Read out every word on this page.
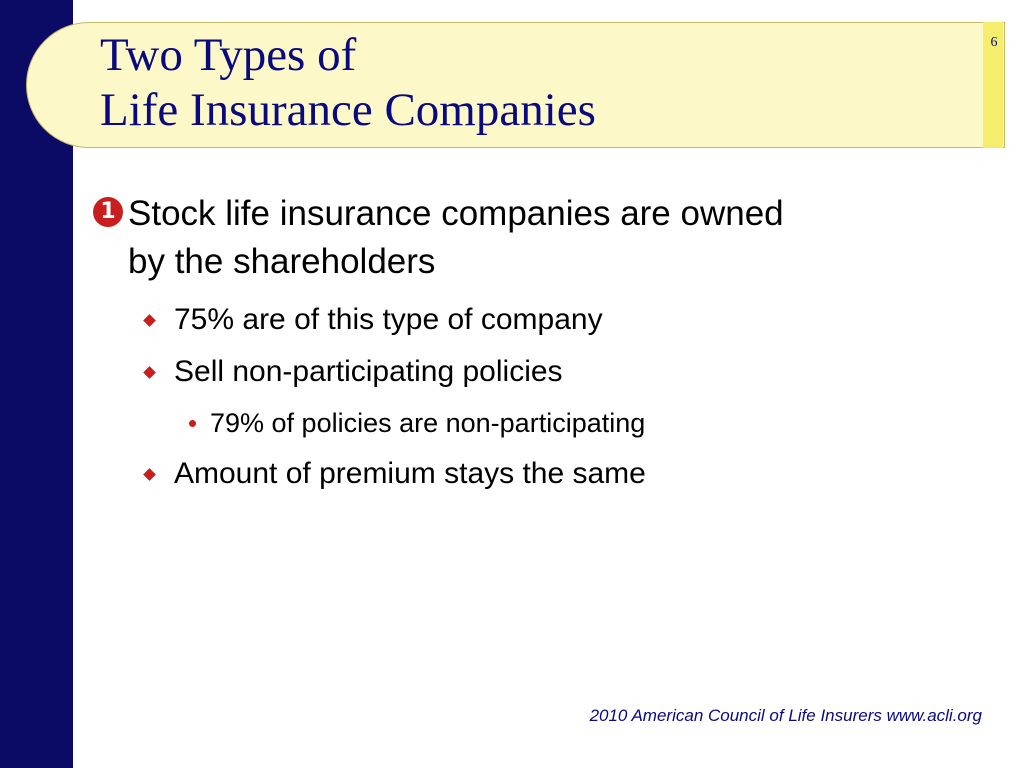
Two Types of
Life Insurance Companies
6
1 Stock life insurance companies are owned
by the shareholders
75% are of this type of company
Sell non-participating policies
79% of policies are non-participating
Amount of premium stays the same
2010 American Council of Life Insurers www.acli.org
